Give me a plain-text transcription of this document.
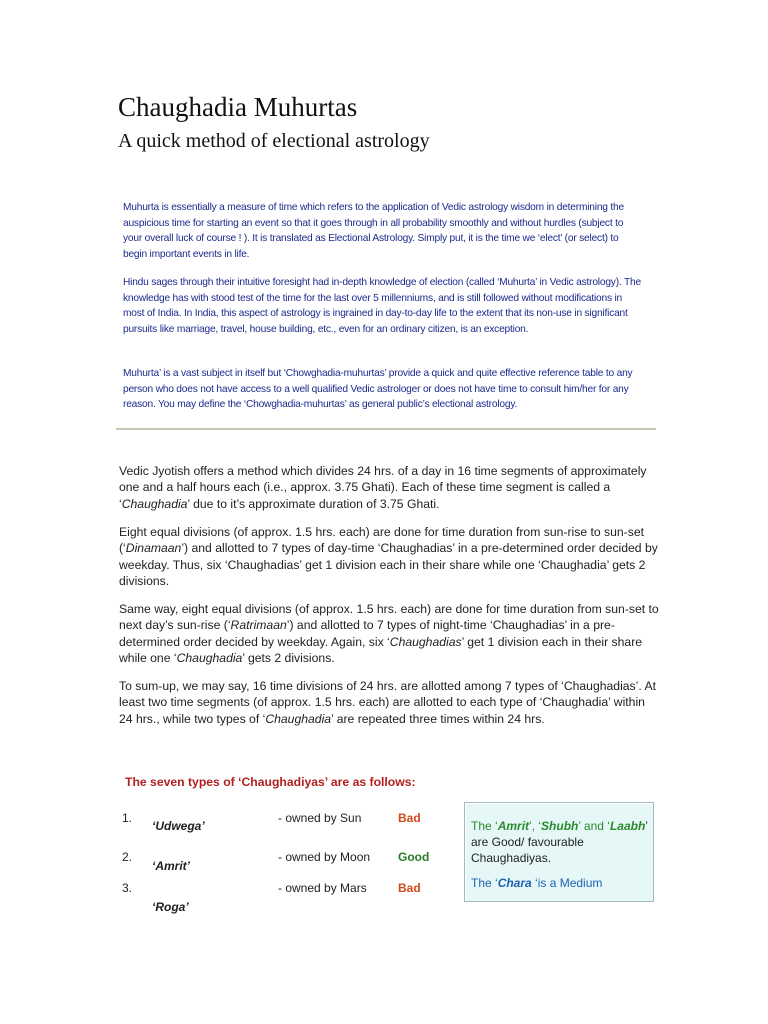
Chaughadia Muhurtas
A quick method of electional astrology
Muhurta is essentially a measure of time which refers to the application of Vedic astrology wisdom in determining the auspicious time for starting an event so that it goes through in all probability smoothly and without hurdles (subject to your overall luck of course ! ). It is translated as Electional Astrology. Simply put, it is the time we ‘elect’ (or select) to begin important events in life.
Hindu sages through their intuitive foresight had in-depth knowledge of election (called ‘Muhurta’ in Vedic astrology). The knowledge has with stood test of the time for the last over 5 millenniums, and is still followed without modifications in most of India. In India, this aspect of astrology is ingrained in day-to-day life to the extent that its non-use in significant pursuits like marriage, travel, house building, etc., even for an ordinary citizen, is an exception.
Muhurta’ is a vast subject in itself but ‘Chowghadia-muhurtas’ provide a quick and quite effective reference table to any person who does not have access to a well qualified Vedic astrologer or does not have time to consult him/her for any reason. You may define the ‘Chowghadia-muhurtas’ as general public’s electional astrology.
Vedic Jyotish offers a method which divides 24 hrs. of a day in 16 time segments of approximately one and a half hours each (i.e., approx. 3.75 Ghati). Each of these time segment is called a ‘Chaughadia’ due to it’s approximate duration of 3.75 Ghati.
Eight equal divisions (of approx. 1.5 hrs. each) are done for time duration from sun-rise to sun-set (‘Dinamaan’) and allotted to 7 types of day-time ‘Chaughadias’ in a pre-determined order decided by weekday. Thus, six ‘Chaughadias’ get 1 division each in their share while one ‘Chaughadia’ gets 2 divisions.
Same way, eight equal divisions (of approx. 1.5 hrs. each) are done for time duration from sun-set to next day’s sun-rise (‘Ratrimaan’) and allotted to 7 types of night-time ‘Chaughadias’ in a pre-determined order decided by weekday. Again, six ‘Chaughadias’ get 1 division each in their share while one ‘Chaughadia’ gets 2 divisions.
To sum-up, we may say, 16 time divisions of 24 hrs. are allotted among 7 types of ‘Chaughadias’. At least two time segments (of approx. 1.5 hrs. each) are allotted to each type of ‘Chaughadia’ within 24 hrs., while two types of ‘Chaughadia’ are repeated three times within 24 hrs.
The seven types of ‘Chaughadiyas’ are as follows:
1.
‘Udwega’
- owned by Sun	Bad
2.
‘Amrit’
- owned by Moon Good
3.
‘Roga’
- owned by Mars	Bad
The ‘Amrit’, ‘Shubh’ and ‘Laabh’ are Good/ favourable Chaughadiyas.
The ‘Chara ‘is a Medium
